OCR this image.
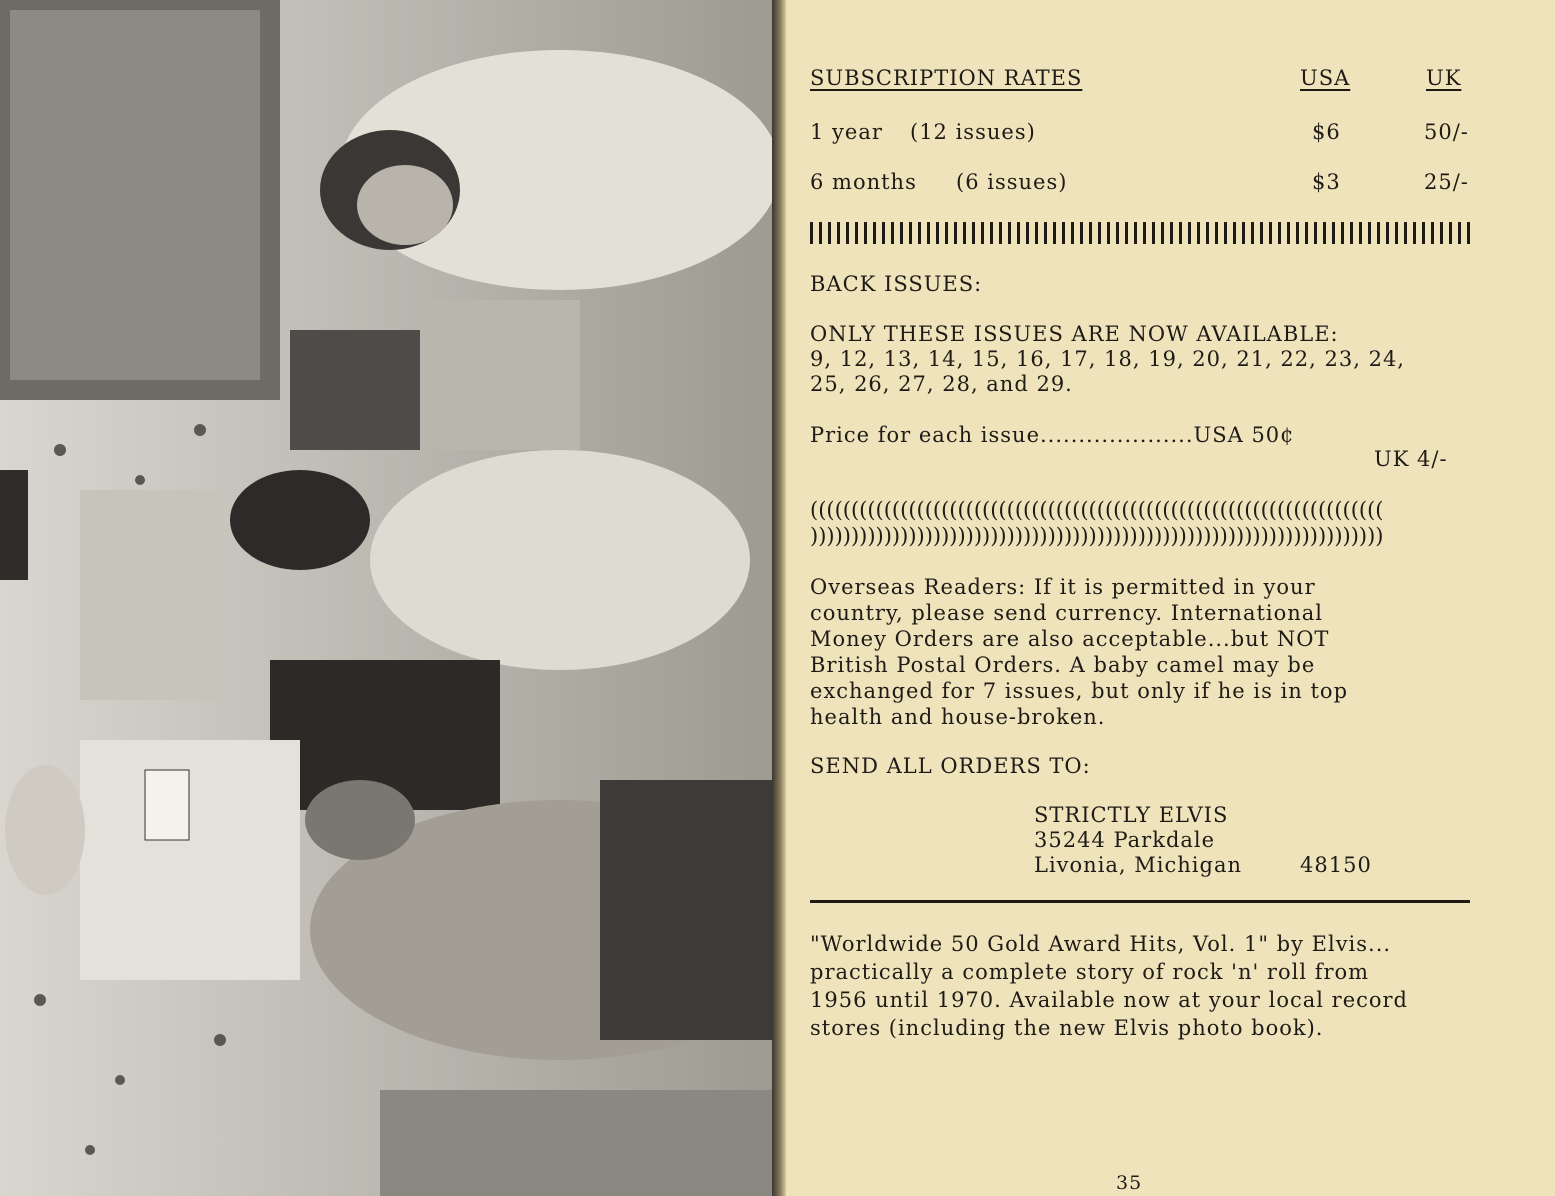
SUBSCRIPTION RATES	USA	UK
1 year (12 issues)	$6	50/-
6 months (6 issues)	$3	25/-
BACK ISSUES:
ONLY THESE ISSUES ARE NOW AVAILABLE:
9, 12, 13, 14, 15, 16, 17, 18, 19, 20, 21, 22, 23, 24,
25, 26, 27, 28, and 29.
Price for each issue....................USA 50¢
UK 4/-
((((((((((((((((((((((((((((((((((((((((((((((((((((((((((((((((((((((
))))))))))))))))))))))))))))))))))))))))))))))))))))))))))))))))))))))
Overseas Readers: If it is permitted in your
country, please send currency. International
Money Orders are also acceptable...but NOT
British Postal Orders. A baby camel may be
exchanged for 7 issues, but only if he is in top
health and house-broken.
SEND ALL ORDERS TO:
STRICTLY ELVIS
35244 Parkdale
Livonia, Michigan	48150
"Worldwide 50 Gold Award Hits, Vol. 1" by Elvis...
practically a complete story of rock 'n' roll from
1956 until 1970. Available now at your local record
stores (including the new Elvis photo book).
35
